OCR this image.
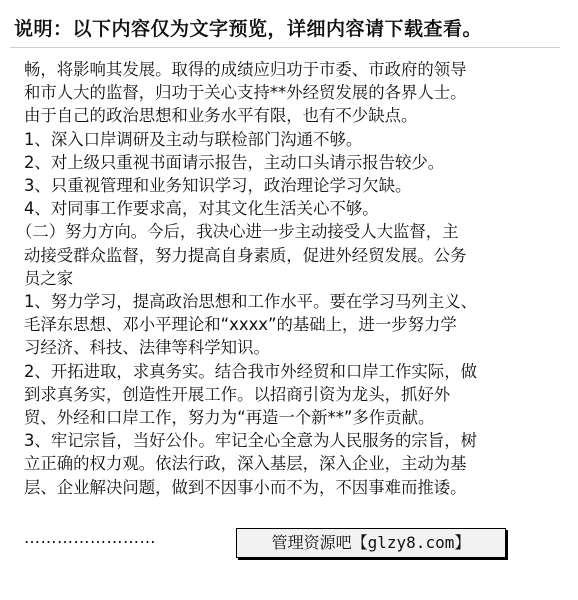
说明：以下内容仅为文字预览，详细内容请下载查看。
畅，将影响其发展。取得的成绩应归功于市委、市政府的领导
和市人大的监督，归功于关心支持**外经贸发展的各界人士。
由于自己的政治思想和业务水平有限，也有不少缺点。
1、深入口岸调研及主动与联检部门沟通不够。
2、对上级只重视书面请示报告，主动口头请示报告较少。
3、只重视管理和业务知识学习，政治理论学习欠缺。
4、对同事工作要求高，对其文化生活关心不够。
（二）努力方向。今后，我决心进一步主动接受人大监督，主
动接受群众监督，努力提高自身素质，促进外经贸发展。公务
员之家
1、努力学习，提高政治思想和工作水平。要在学习马列主义、
毛泽东思想、邓小平理论和“xxxx”的基础上，进一步努力学
习经济、科技、法律等科学知识。
2、开拓进取，求真务实。结合我市外经贸和口岸工作实际，做
到求真务实，创造性开展工作。以招商引资为龙头，抓好外
贸、外经和口岸工作，努力为“再造一个新**”多作贡献。
3、牢记宗旨，当好公仆。牢记全心全意为人民服务的宗旨，树
立正确的权力观。依法行政，深入基层，深入企业，主动为基
层、企业解决问题，做到不因事小而不为，不因事难而推诿。
……………………	管理资源吧【glzy8.com】
